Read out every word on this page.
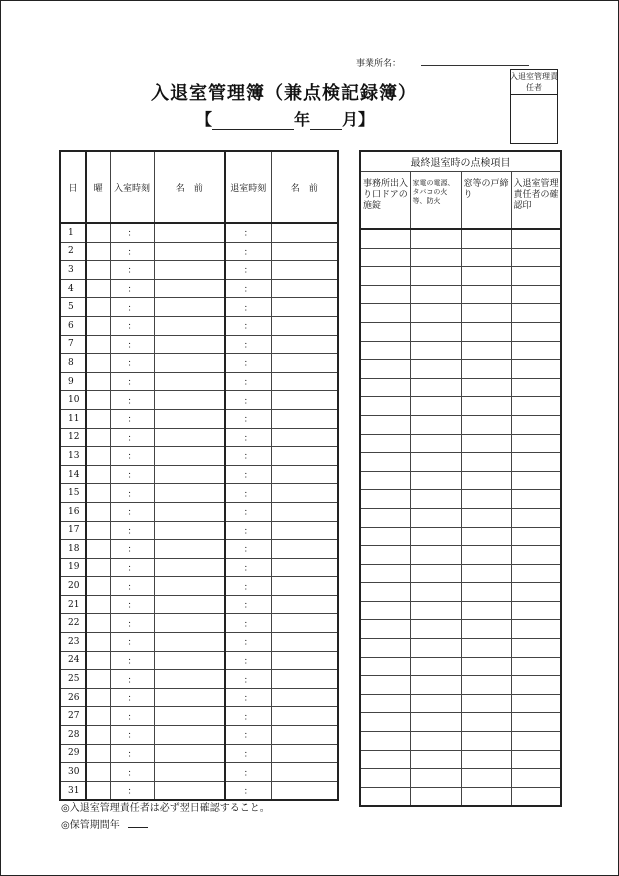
事業所名：
入退室管理責任者
入退室管理簿（兼点検記録簿）
【	年 月】
日	曜	入室時刻	名　前	退室時刻	名　前
1		：		：	
2		：		：	
3		：		：	
4		：		：	
5		：		：	
6		：		：	
7		：		：	
8		：		：	
9		：		：	
10		：		：	
11		：		：	
12		：		：	
13		：		：	
14		：		：	
15		：		：	
16		：		：	
17		：		：	
18		：		：	
19		：		：	
20		：		：	
21		：		：	
22		：		：	
23		：		：	
24		：		：	
25		：		：	
26		：		：	
27		：		：	
28		：		：	
29		：		：	
30		：		：	
31		：		：	
最終退室時の点検項目			
事務所出入り口ドアの施錠	家電の電源、タバコの火等、防火	窓等の戸締り	入退室管理責任者の確認印

◎入退室管理責任者は必ず翌日確認すること。
◎保管期間年
